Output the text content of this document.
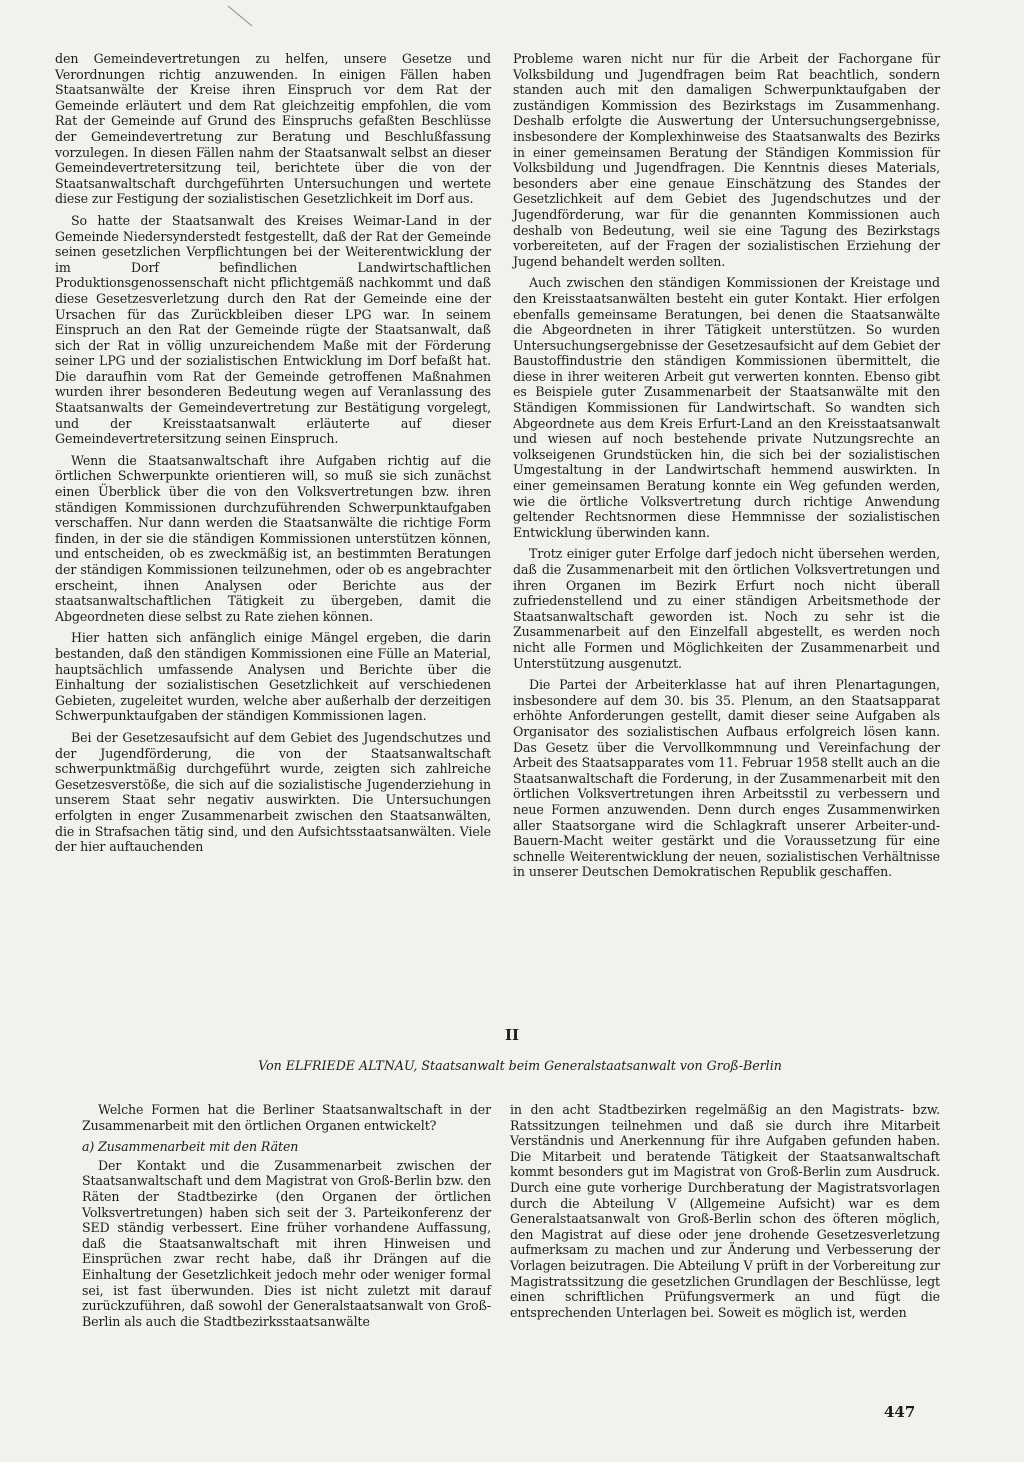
den Gemeindevertretungen zu helfen, unsere Gesetze und Verordnungen richtig anzuwenden. In einigen Fällen haben Staatsanwälte der Kreise ihren Einspruch vor dem Rat der Gemeinde erläutert und dem Rat gleichzeitig empfohlen, die vom Rat der Gemeinde auf Grund des Einspruchs gefaßten Beschlüsse der Gemeindevertretung zur Beratung und Beschlußfassung vorzulegen. In diesen Fällen nahm der Staatsanwalt selbst an dieser Gemeindevertretersitzung teil, berichtete über die von der Staatsanwaltschaft durchgeführten Untersuchungen und wertete diese zur Festigung der sozialistischen Gesetzlichkeit im Dorf aus.

So hatte der Staatsanwalt des Kreises Weimar-Land in der Gemeinde Niedersynderstedt festgestellt, daß der Rat der Gemeinde seinen gesetzlichen Verpflichtungen bei der Weiterentwicklung der im Dorf befindlichen Landwirtschaftlichen Produktionsgenossenschaft nicht pflichtgemäß nachkommt und daß diese Gesetzesverletzung durch den Rat der Gemeinde eine der Ursachen für das Zurückbleiben dieser LPG war. In seinem Einspruch an den Rat der Gemeinde rügte der Staatsanwalt, daß sich der Rat in völlig unzureichendem Maße mit der Förderung seiner LPG und der sozialistischen Entwicklung im Dorf befaßt hat. Die daraufhin vom Rat der Gemeinde getroffenen Maßnahmen wurden ihrer besonderen Bedeutung wegen auf Veranlassung des Staatsanwalts der Gemeindevertretung zur Bestätigung vorgelegt, und der Kreisstaatsanwalt erläuterte auf dieser Gemeindevertretersitzung seinen Einspruch.

Wenn die Staatsanwaltschaft ihre Aufgaben richtig auf die örtlichen Schwerpunkte orientieren will, so muß sie sich zunächst einen Überblick über die von den Volksvertretungen bzw. ihren ständigen Kommissionen durchzuführenden Schwerpunktaufgaben verschaffen. Nur dann werden die Staatsanwälte die richtige Form finden, in der sie die ständigen Kommissionen unterstützen können, und entscheiden, ob es zweckmäßig ist, an bestimmten Beratungen der ständigen Kommissionen teilzunehmen, oder ob es angebrachter erscheint, ihnen Analysen oder Berichte aus der staatsanwaltschaftlichen Tätigkeit zu übergeben, damit die Abgeordneten diese selbst zu Rate ziehen können.

Hier hatten sich anfänglich einige Mängel ergeben, die darin bestanden, daß den ständigen Kommissionen eine Fülle an Material, hauptsächlich umfassende Analysen und Berichte über die Einhaltung der sozialistischen Gesetzlichkeit auf verschiedenen Gebieten, zugeleitet wurden, welche aber außerhalb der derzeitigen Schwerpunktaufgaben der ständigen Kommissionen lagen.

Bei der Gesetzesaufsicht auf dem Gebiet des Jugendschutzes und der Jugendförderung, die von der Staatsanwaltschaft schwerpunktmäßig durchgeführt wurde, zeigten sich zahlreiche Gesetzesverstöße, die sich auf die sozialistische Jugenderziehung in unserem Staat sehr negativ auswirkten. Die Untersuchungen erfolgten in enger Zusammenarbeit zwischen den Staatsanwälten, die in Strafsachen tätig sind, und den Aufsichtsstaatsanwälten. Viele der hier auftauchenden

Probleme waren nicht nur für die Arbeit der Fachorgane für Volksbildung und Jugendfragen beim Rat beachtlich, sondern standen auch mit den damaligen Schwerpunktaufgaben der zuständigen Kommission des Bezirkstags im Zusammenhang. Deshalb erfolgte die Auswertung der Untersuchungsergebnisse, insbesondere der Komplexhinweise des Staatsanwalts des Bezirks in einer gemeinsamen Beratung der Ständigen Kommission für Volksbildung und Jugendfragen. Die Kenntnis dieses Materials, besonders aber eine genaue Einschätzung des Standes der Gesetzlichkeit auf dem Gebiet des Jugendschutzes und der Jugendförderung, war für die genannten Kommissionen auch deshalb von Bedeutung, weil sie eine Tagung des Bezirkstags vorbereiteten, auf der Fragen der sozialistischen Erziehung der Jugend behandelt werden sollten.

Auch zwischen den ständigen Kommissionen der Kreistage und den Kreisstaatsanwälten besteht ein guter Kontakt. Hier erfolgen ebenfalls gemeinsame Beratungen, bei denen die Staatsanwälte die Abgeordneten in ihrer Tätigkeit unterstützen. So wurden Untersuchungsergebnisse der Gesetzesaufsicht auf dem Gebiet der Baustoffindustrie den ständigen Kommissionen übermittelt, die diese in ihrer weiteren Arbeit gut verwerten konnten. Ebenso gibt es Beispiele guter Zusammenarbeit der Staatsanwälte mit den Ständigen Kommissionen für Landwirtschaft. So wandten sich Abgeordnete aus dem Kreis Erfurt-Land an den Kreisstaatsanwalt und wiesen auf noch bestehende private Nutzungsrechte an volkseigenen Grundstücken hin, die sich bei der sozialistischen Umgestaltung in der Landwirtschaft hemmend auswirkten. In einer gemeinsamen Beratung konnte ein Weg gefunden werden, wie die örtliche Volksvertretung durch richtige Anwendung geltender Rechtsnormen diese Hemmnisse der sozialistischen Entwicklung überwinden kann.

Trotz einiger guter Erfolge darf jedoch nicht übersehen werden, daß die Zusammenarbeit mit den örtlichen Volksvertretungen und ihren Organen im Bezirk Erfurt noch nicht überall zufriedenstellend und zu einer ständigen Arbeitsmethode der Staatsanwaltschaft geworden ist. Noch zu sehr ist die Zusammenarbeit auf den Einzelfall abgestellt, es werden noch nicht alle Formen und Möglichkeiten der Zusammenarbeit und Unterstützung ausgenutzt.

Die Partei der Arbeiterklasse hat auf ihren Plenartagungen, insbesondere auf dem 30. bis 35. Plenum, an den Staatsapparat erhöhte Anforderungen gestellt, damit dieser seine Aufgaben als Organisator des sozialistischen Aufbaus erfolgreich lösen kann. Das Gesetz über die Vervollkommnung und Vereinfachung der Arbeit des Staatsapparates vom 11. Februar 1958 stellt auch an die Staatsanwaltschaft die Forderung, in der Zusammenarbeit mit den örtlichen Volksvertretungen ihren Arbeitsstil zu verbessern und neue Formen anzuwenden. Denn durch enges Zusammenwirken aller Staatsorgane wird die Schlagkraft unserer Arbeiter-und-Bauern-Macht weiter gestärkt und die Voraussetzung für eine schnelle Weiterentwicklung der neuen, sozialistischen Verhältnisse in unserer Deutschen Demokratischen Republik geschaffen.

II
Von ELFRIEDE ALTNAU, Staatsanwalt beim Generalstaatsanwalt von Groß-Berlin

Welche Formen hat die Berliner Staatsanwaltschaft in der Zusammenarbeit mit den örtlichen Organen entwickelt?

a) Zusammenarbeit mit den Räten

Der Kontakt und die Zusammenarbeit zwischen der Staatsanwaltschaft und dem Magistrat von Groß-Berlin bzw. den Räten der Stadtbezirke (den Organen der örtlichen Volksvertretungen) haben sich seit der 3. Parteikonferenz der SED ständig verbessert. Eine früher vorhandene Auffassung, daß die Staatsanwaltschaft mit ihren Hinweisen und Einsprüchen zwar recht habe, daß ihr Drängen auf die Einhaltung der Gesetzlichkeit jedoch mehr oder weniger formal sei, ist fast überwunden. Dies ist nicht zuletzt mit darauf zurückzuführen, daß sowohl der Generalstaatsanwalt von Groß-Berlin als auch die Stadtbezirksstaatsanwälte

in den acht Stadtbezirken regelmäßig an den Magistrats- bzw. Ratssitzungen teilnehmen und daß sie durch ihre Mitarbeit Verständnis und Anerkennung für ihre Aufgaben gefunden haben. Die Mitarbeit und beratende Tätigkeit der Staatsanwaltschaft kommt besonders gut im Magistrat von Groß-Berlin zum Ausdruck. Durch eine gute vorherige Durchberatung der Magistratsvorlagen durch die Abteilung V (Allgemeine Aufsicht) war es dem Generalstaatsanwalt von Groß-Berlin schon des öfteren möglich, den Magistrat auf diese oder jene drohende Gesetzesverletzung aufmerksam zu machen und zur Änderung und Verbesserung der Vorlagen beizutragen. Die Abteilung V prüft in der Vorbereitung zur Magistratssitzung die gesetzlichen Grundlagen der Beschlüsse, legt einen schriftlichen Prüfungsvermerk an und fügt die entsprechenden Unterlagen bei. Soweit es möglich ist, werden

447
